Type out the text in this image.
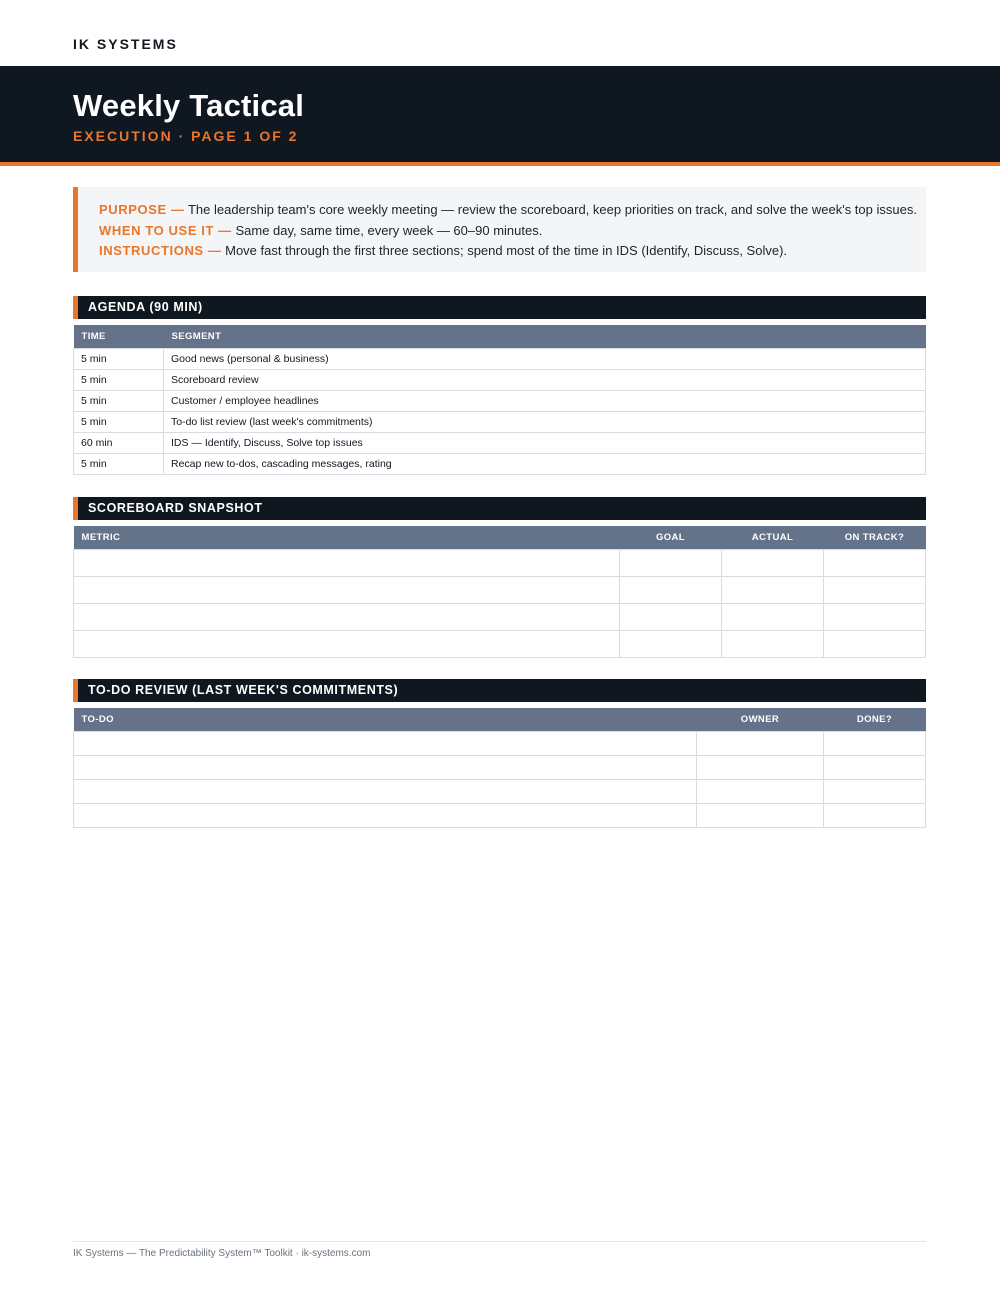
IK SYSTEMS
Weekly Tactical
EXECUTION · PAGE 1 OF 2
PURPOSE — The leadership team's core weekly meeting — review the scoreboard, keep priorities on track, and solve the week's top issues.
WHEN TO USE IT — Same day, same time, every week — 60–90 minutes.
INSTRUCTIONS — Move fast through the first three sections; spend most of the time in IDS (Identify, Discuss, Solve).
AGENDA (90 MIN)
TIME	SEGMENT
5 min	Good news (personal & business)
5 min	Scoreboard review
5 min	Customer / employee headlines
5 min	To-do list review (last week's commitments)
60 min	IDS — Identify, Discuss, Solve top issues
5 min	Recap new to-dos, cascading messages, rating
SCOREBOARD SNAPSHOT
METRIC	GOAL	ACTUAL	ON TRACK?

TO-DO REVIEW (LAST WEEK'S COMMITMENTS)
TO-DO	OWNER	DONE?

IK Systems — The Predictability System™ Toolkit · ik-systems.com
